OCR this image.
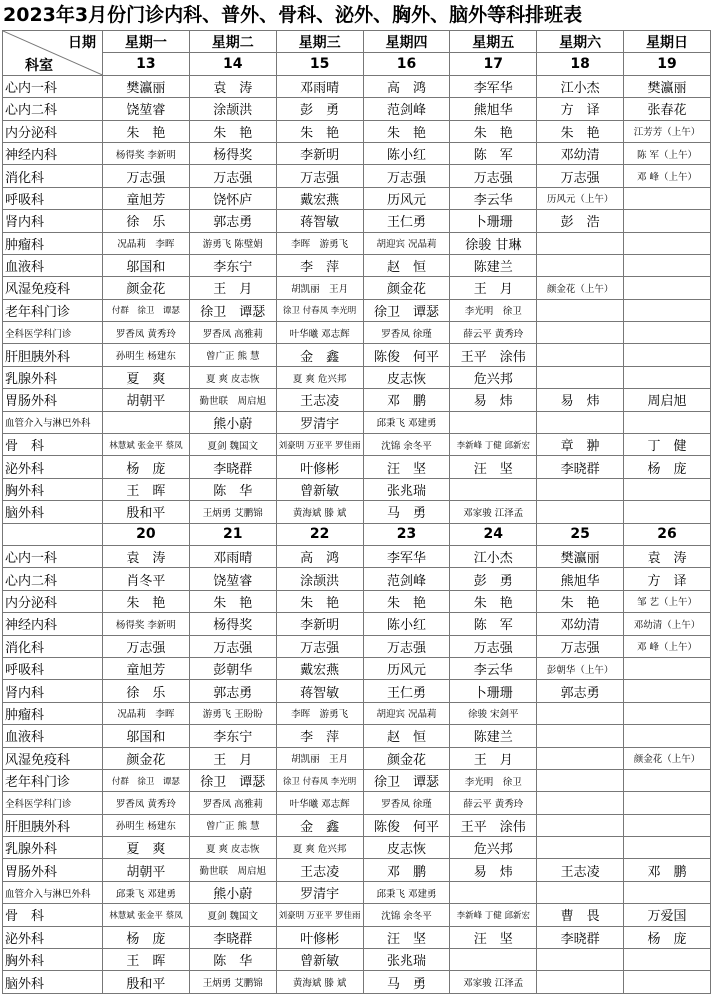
2023年3月份门诊内科、普外、骨科、泌外、胸外、脑外等科排班表
日期
科室	星期一	星期二	星期三	星期四	星期五	星期六	星期日
	13	14	15	16	17	18	19
心内一科	樊瀛丽	袁　涛	邓雨晴	高　鸿	李军华	江小杰	樊瀛丽
心内二科	饶堃睿	涂颉洪	彭　勇	范剑峰	熊旭华	方　译	张春花
内分泌科	朱　艳	朱　艳	朱　艳	朱　艳	朱　艳	朱　艳	江芳芳（上午）
神经内科	杨得奖 李新明	杨得奖	李新明	陈小红	陈　军	邓幼清	陈 军（上午）
消化科	万志强	万志强	万志强	万志强	万志强	万志强	邓 峰（上午）
呼吸科	童旭芳	饶怀庐	戴宏燕	历风元	李云华	历风元（上午）	
肾内科	徐　乐	郭志勇	蒋智敏	王仁勇	卜珊珊	彭　浩	
肿瘤科	况晶莉　李晖	游勇飞 陈璧娟	李晖　游勇飞	胡迎宾 况晶莉	徐骏 甘琳		
血液科	邬国和	李东宁	李　萍	赵　恒	陈建兰		
风湿免疫科	颜金花	王　月	胡凯丽　王月	颜金花	王　月	颜金花（上午）	
老年科门诊	付群　徐卫　谭瑟	徐卫　谭瑟	徐卫 付春凤 李光明	徐卫　谭瑟	李光明　徐卫		
全科医学科门诊	罗香凤 黄秀玲	罗香凤 高雅莉	叶华曦 邓志辉	罗香凤 徐瑾	薛云平 黄秀玲		
肝胆胰外科	孙明生 杨建东	曾广正 熊 慧	金　鑫	陈俊　何平	王平　涂伟		
乳腺外科	夏　爽	夏 爽 皮志恢	夏 爽 危兴邦	皮志恢	危兴邦		
胃肠外科	胡朝平	勤世联　周启旭	王志凌	邓　鹏	易　炜	易　炜	周启旭
血管介入与淋巴外科		熊小蔚	罗清宇	邱秉飞 邓建勇			
骨　科	林慧斌 张金平 蔡凤	夏剑 魏国文	刘豪明 万亚平 罗佳雨	沈锦 余冬平	李新峰 丁健 邱新宏	章　翀	丁　健
泌外科	杨　庞	李晓群	叶修彬	汪　坚	汪　坚	李晓群	杨　庞
胸外科	王　晖	陈　华	曾新敏	张兆瑞			
脑外科	殷和平	王炳勇 艾鹏锦	黄海斌 滕 斌	马　勇	邓家骏 江泽孟		
	20	21	22	23	24	25	26
心内一科	袁　涛	邓雨晴	高　鸿	李军华	江小杰	樊瀛丽	袁　涛
心内二科	肖冬平	饶堃睿	涂颉洪	范剑峰	彭　勇	熊旭华	方　译
内分泌科	朱　艳	朱　艳	朱　艳	朱　艳	朱　艳	朱　艳	邹 艺（上午）
神经内科	杨得奖 李新明	杨得奖	李新明	陈小红	陈　军	邓幼清	邓幼清（上午）
消化科	万志强	万志强	万志强	万志强	万志强	万志强	邓 峰（上午）
呼吸科	童旭芳	彭朝华	戴宏燕	历风元	李云华	彭朝华（上午）	
肾内科	徐　乐	郭志勇	蒋智敏	王仁勇	卜珊珊	郭志勇	
肿瘤科	况晶莉　李晖	游勇飞 王盼盼	李晖　游勇飞	胡迎宾 况晶莉	徐骏 宋剑平		
血液科	邬国和	李东宁	李　萍	赵　恒	陈建兰		
风湿免疫科	颜金花	王　月	胡凯丽　王月	颜金花	王　月		颜金花（上午）
老年科门诊	付群　徐卫　谭瑟	徐卫　谭瑟	徐卫 付春凤 李光明	徐卫　谭瑟	李光明　徐卫		
全科医学科门诊	罗香凤 黄秀玲	罗香凤 高雅莉	叶华曦 邓志辉	罗香凤 徐瑾	薛云平 黄秀玲		
肝胆胰外科	孙明生 杨建东	曾广正 熊 慧	金　鑫	陈俊　何平	王平　涂伟		
乳腺外科	夏　爽	夏 爽 皮志恢	夏 爽 危兴邦	皮志恢	危兴邦		
胃肠外科	胡朝平	勤世联　周启旭	王志凌	邓　鹏	易　炜	王志凌	邓　鹏
血管介入与淋巴外科	邱秉飞 邓建勇	熊小蔚	罗清宇	邱秉飞 邓建勇			
骨　科	林慧斌 张金平 蔡凤	夏剑 魏国文	刘豪明 万亚平 罗佳雨	沈锦 余冬平	李新峰 丁健 邱新宏	曹　畏	万爱国
泌外科	杨　庞	李晓群	叶修彬	汪　坚	汪　坚	李晓群	杨　庞
胸外科	王　晖	陈　华	曾新敏	张兆瑞			
脑外科	殷和平	王炳勇 艾鹏锦	黄海斌 滕 斌	马　勇	邓家骏 江泽孟		
